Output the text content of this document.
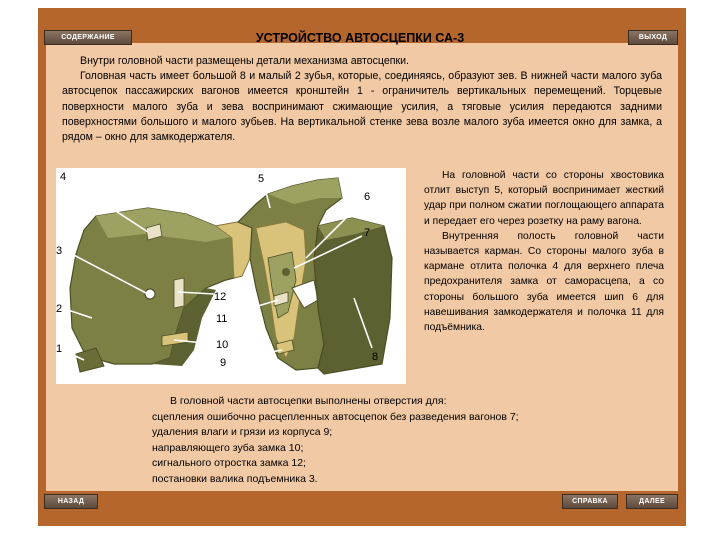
СОДЕРЖАНИЕ	ВЫХОД
НАЗАД	СПРАВКА	ДАЛЕЕ
УСТРОЙСТВО АВТОСЦЕПКИ СА-3
Внутри головной части размещены детали механизма автосцепки.
Головная часть имеет большой 8 и малый 2 зубья, которые, соединяясь, образуют зев. В нижней части малого зуба автосцепок пассажирских вагонов имеется кронштейн 1 - ограничитель вертикальных перемещений. Торцевые поверхности малого зуба и зева воспринимают сжимающие усилия, а тяговые усилия передаются задними поверхностями большого и малого зубьев. На вертикальной стенке зева возле малого зуба имеется окно для замка, а рядом – окно для замкодержателя.
4	5
6
7
3
12
2
11
10
1
9	8
На головной части со стороны хвостовика отлит выступ 5, который воспринимает жесткий удар при полном сжатии поглощающего аппарата и передает его через розетку на раму вагона.
Внутренняя полость головной части называется карман. Со стороны малого зуба в кармане отлита полочка 4 для верхнего плеча предохранителя замка от саморасцепа, а со стороны большого зуба имеется шип 6 для навешивания замкодержателя и полочка 11 для подъёмника.
В головной части автосцепки выполнены отверстия для:
сцепления ошибочно расцепленных автосцепок без разведения вагонов 7;
удаления влаги и грязи из корпуса 9;
направляющего зуба замка 10;
сигнального отростка замка 12;
постановки валика подъемника 3.
